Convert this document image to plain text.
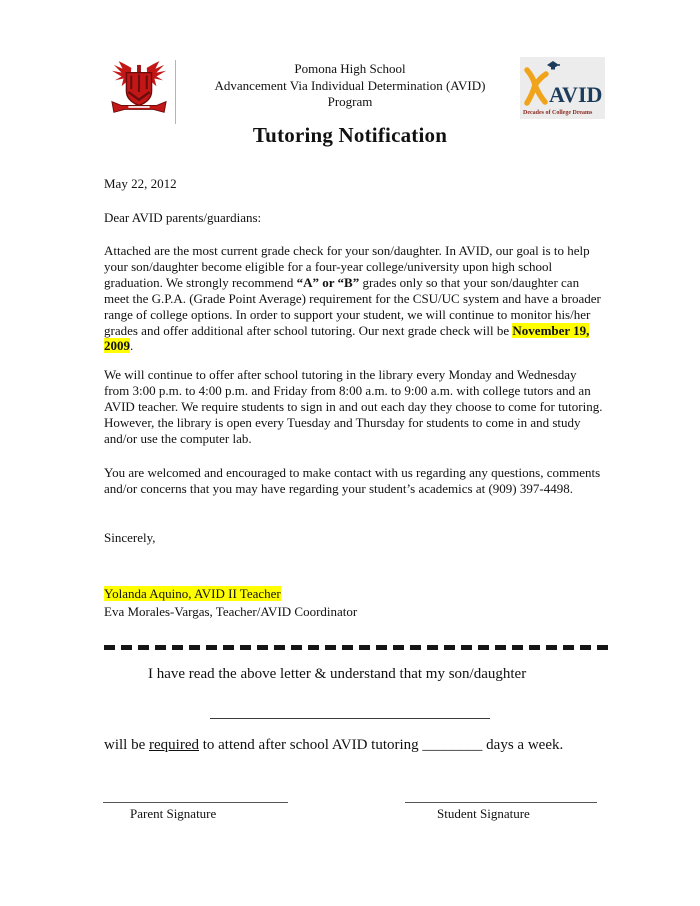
Pomona High School
Advancement Via Individual Determination (AVID)
Program	AVID
Decades of College Dreams
Tutoring Notification
May 22, 2012
Dear AVID parents/guardians:
Attached are the most current grade check for your son/daughter. In AVID, our goal is to help your son/daughter become eligible for a four-year college/university upon high school graduation. We strongly recommend “A” or “B” grades only so that your son/daughter can meet the G.P.A. (Grade Point Average) requirement for the CSU/UC system and have a broader range of college options. In order to support your student, we will continue to monitor his/her grades and offer additional after school tutoring. Our next grade check will be November 19, 2009.
We will continue to offer after school tutoring in the library every Monday and Wednesday from 3:00 p.m. to 4:00 p.m. and Friday from 8:00 a.m. to 9:00 a.m. with college tutors and an AVID teacher. We require students to sign in and out each day they choose to come for tutoring. However, the library is open every Tuesday and Thursday for students to come in and study and/or use the computer lab.
You are welcomed and encouraged to make contact with us regarding any questions, comments and/or concerns that you may have regarding your student’s academics at (909) 397-4498.
Sincerely,
Yolanda Aquino, AVID II Teacher
Eva Morales-Vargas, Teacher/AVID Coordinator
I have read the above letter & understand that my son/daughter
will be required to attend after school AVID tutoring ________ days a week.
Parent Signature	Student Signature
